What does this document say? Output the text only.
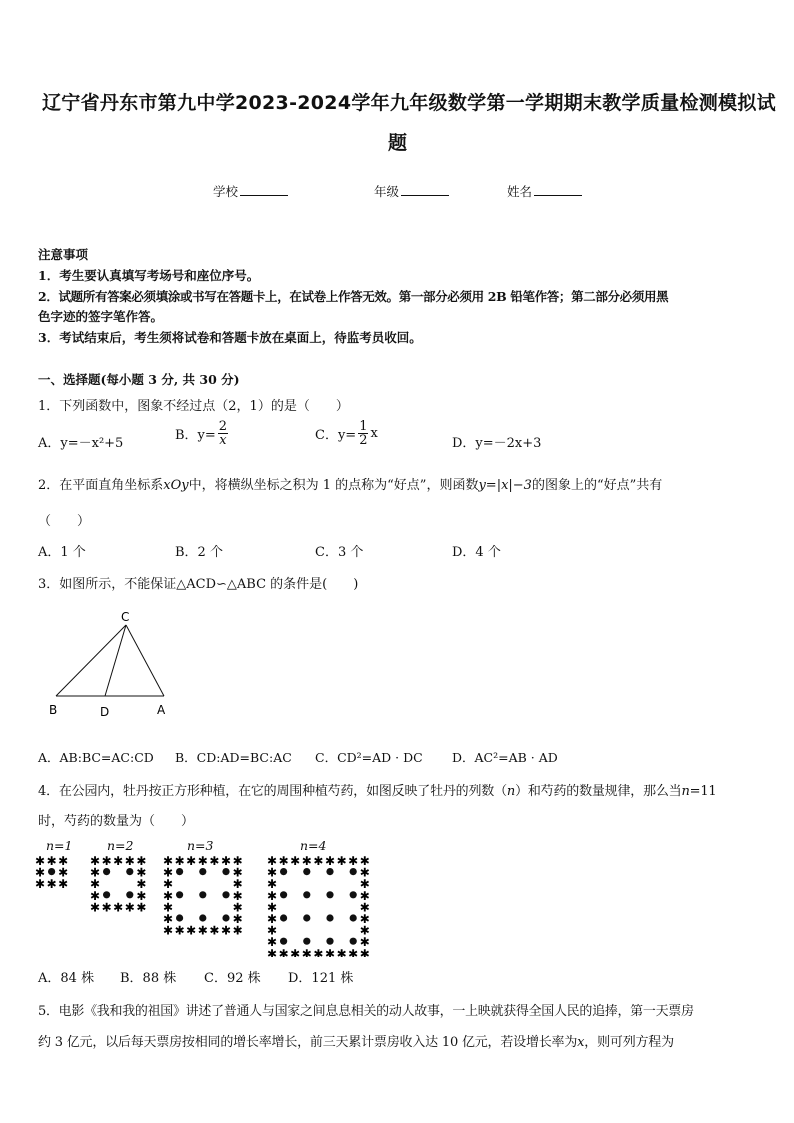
辽宁省丹东市第九中学2023-2024学年九年级数学第一学期期末教学质量检测模拟试
题
学校	年级	姓名
注意事项
1．考生要认真填写考场号和座位序号。
2．试题所有答案必须填涂或书写在答题卡上，在试卷上作答无效。第一部分必须用 2B 铅笔作答；第二部分必须用黑
色字迹的签字笔作答。
3．考试结束后，考生须将试卷和答题卡放在桌面上，待监考员收回。
一、选择题(每小题 3 分, 共 30 分)
1．下列函数中，图象不经过点（2，1）的是（　　）
A．y=－x²+5
B．$y= \frac{2}{x}$	C．$y= \frac{1}{2}$ x
D．y=－2x+3
2．在平面直角坐标系xOy中，将横纵坐标之积为 1 的点称为“好点”，则函数y=|x|−3的图象上的“好点”共有
（　　）
A．1 个	B．2 个	C．3 个	D．4 个
3．如图所示，不能保证△ACD∽△ABC 的条件是(　　)
C
B	D	A
A．AB:BC=AC:CD B．CD:AD=BC:AC C．CD²=AD · DC D．AC²=AB · AD
4．在公园内，牡丹按正方形种植，在它的周围种植芍药，如图反映了牡丹的列数（n）和芍药的数量规律，那么当n=11
时，芍药的数量为（　　）
n=1	n=2	n=3	n=4
✱ ✱ ✱
✱ ✱
✱ ✱ ✱
✱ ✱ ✱ ✱ ✱
✱	✱
✱	✱
✱	✱
✱ ✱ ✱ ✱ ✱
✱ ✱ ✱ ✱ ✱ ✱ ✱
✱	✱
✱	✱
✱	✱
✱	✱
✱	✱
✱ ✱ ✱ ✱ ✱ ✱ ✱
✱ ✱ ✱ ✱ ✱ ✱ ✱ ✱ ✱
✱	✱
✱	✱
✱	✱
✱	✱
✱	✱
✱	✱
✱	✱
✱ ✱ ✱ ✱ ✱ ✱ ✱ ✱ ✱
A．84 株 B．88 株 C．92 株 D．121 株
5．电影《我和我的祖国》讲述了普通人与国家之间息息相关的动人故事，一上映就获得全国人民的追捧，第一天票房
约 3 亿元，以后每天票房按相同的增长率增长，前三天累计票房收入达 10 亿元，若设增长率为x，则可列方程为
